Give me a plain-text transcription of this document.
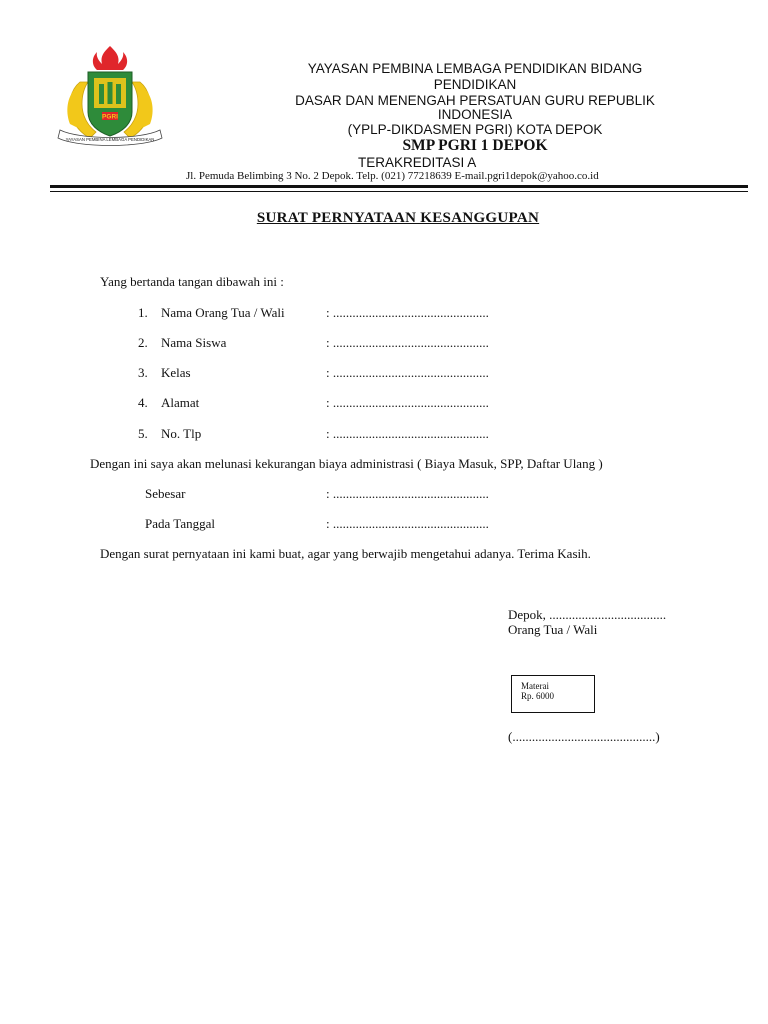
PGRI
YAYASAN PEMBINA LEMBAGA PENDIDIKAN
YAYASAN PEMBINA LEMBAGA PENDIDIKAN BIDANG
PENDIDIKAN
DASAR DAN MENENGAH PERSATUAN GURU REPUBLIK
INDONESIA
(YPLP-DIKDASMEN PGRI) KOTA DEPOK
SMP PGRI 1 DEPOK
TERAKREDITASI A
Jl. Pemuda Belimbing 3 No. 2 Depok. Telp. (021) 77218639 E-mail.pgri1depok@yahoo.co.id
SURAT PERNYATAAN KESANGGUPAN
Yang bertanda tangan dibawah ini :
1. Nama Orang Tua / Wali	: ................................................
2. Nama Siswa	: ................................................
3. Kelas	: ................................................
4. Alamat	: ................................................
5. No. Tlp	: ................................................
Dengan ini saya akan melunasi kekurangan biaya administrasi ( Biaya Masuk, SPP, Daftar Ulang )
Sebesar	: ................................................
Pada Tanggal	: ................................................
Dengan surat pernyataan ini kami buat, agar yang berwajib mengetahui adanya. Terima Kasih.
Depok, ....................................
Orang Tua / Wali
Materai
Rp. 6000
(............................................)
